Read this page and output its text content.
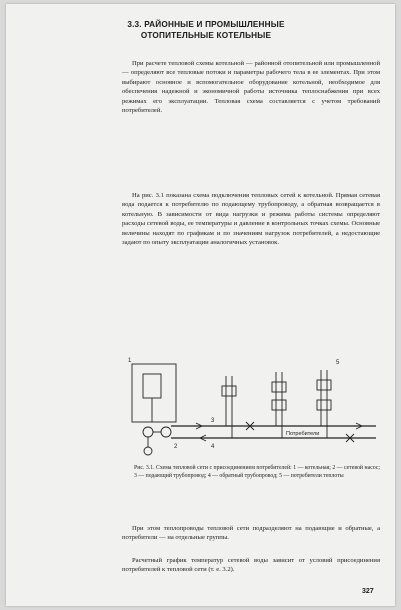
3.3. РАЙОННЫЕ И ПРОМЫШЛЕННЫЕ
ОТОПИТЕЛЬНЫЕ КОТЕЛЬНЫЕ

При расчете тепловой схемы котельной — районной отопительной или промышленной — определяют все тепловые потоки и параметры рабочего тела в ее элементах. При этом выбирают основное и вспомогательное оборудование котельной, необходимое для обеспечения надежной и экономичной работы источника теплоснабжения при всех режимах его эксплуатации. Тепловая схема составляется с учетом требований потребителей.

На рис. 3.1 показана схема подключения тепловых сетей к котельной. Прямая сетевая вода подается к потребителю по подающему трубопроводу, а обратная возвращается в котельную. В зависимости от вида нагрузки и режима работы системы определяют расходы сетевой воды, ее температуры и давление в контрольных точках схемы. Основные величины находят по графикам и по значениям нагрузок потребителей, а недостающие задают по опыту эксплуатации аналогичных установок.

1
2
3
4
5
Потребители

Рис. 3.1. Схема тепловой сети с присоединением потребителей: 1 — котельная; 2 — сетевой насос; 3 — подающий трубопровод; 4 — обратный трубопровод; 5 — потребители теплоты

При этом теплопроводы тепловой сети подразделяют на подающие и обратные, а потребители — на отдельные группы.

Расчетный график температур сетевой воды зависит от условий присоединения потребителей к тепловой сети (т. е. 3.2).

327
